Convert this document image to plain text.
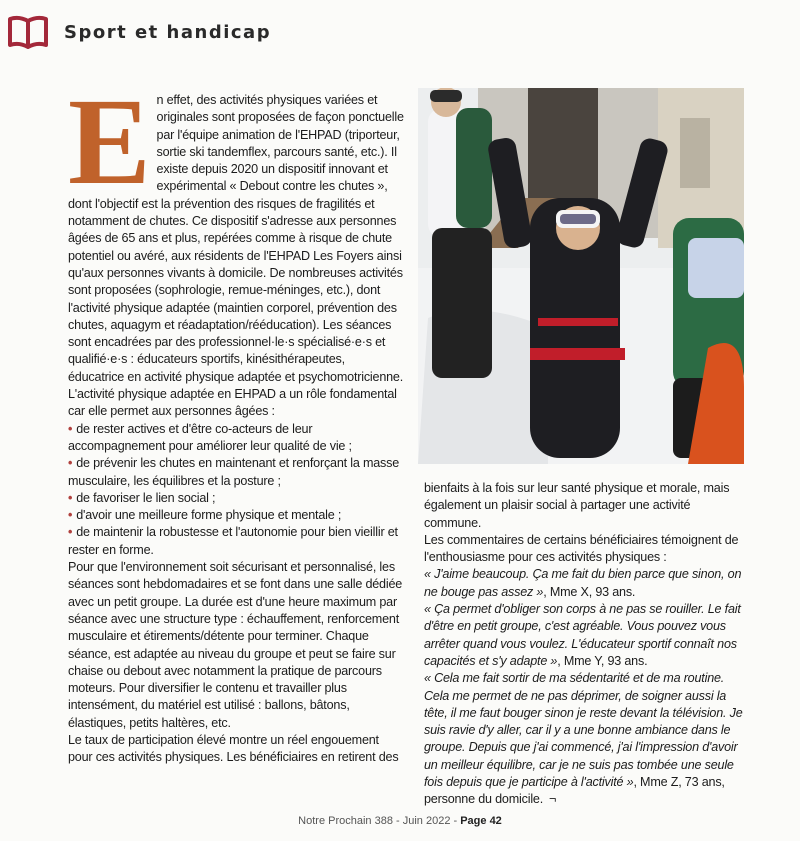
Sport et handicap
E n effet, des activités physiques variées et originales sont proposées de façon ponctuelle par l'équipe animation de l'EHPAD (triporteur, sortie ski tandemflex, parcours santé, etc.). Il existe depuis 2020 un dispositif innovant et expérimental « Debout contre les chutes », dont l'objectif est la prévention des risques de fragilités et notamment de chutes. Ce dispositif s'adresse aux personnes âgées de 65 ans et plus, repérées comme à risque de chute potentiel ou avéré, aux résidents de l'EHPAD Les Foyers ainsi qu'aux personnes vivants à domicile. De nombreuses activités sont proposées (sophrologie, remue-méninges, etc.), dont l'activité physique adaptée (maintien corporel, prévention des chutes, aquagym et réadaptation/rééducation). Les séances sont encadrées par des professionnel·le·s spécialisé·e·s et qualifié·e·s : éducateurs sportifs, kinésithérapeutes, éducatrice en activité physique adaptée et psychomotricienne.

L'activité physique adaptée en EHPAD a un rôle fondamental car elle permet aux personnes âgées :

• de rester actives et d'être co-acteurs de leur accompagnement pour améliorer leur qualité de vie ;
• de prévenir les chutes en maintenant et renforçant la masse musculaire, les équilibres et la posture ;
• de favoriser le lien social ;
• d'avoir une meilleure forme physique et mentale ;
• de maintenir la robustesse et l'autonomie pour bien vieillir et rester en forme.

Pour que l'environnement soit sécurisant et personnalisé, les séances sont hebdomadaires et se font dans une salle dédiée avec un petit groupe. La durée est d'une heure maximum par séance avec une structure type : échauffement, renforcement musculaire et étirements/détente pour terminer. Chaque séance, est adaptée au niveau du groupe et peut se faire sur chaise ou debout avec notamment la pratique de parcours moteurs. Pour diversifier le contenu et travailler plus intensément, du matériel est utilisé : ballons, bâtons, élastiques, petits haltères, etc.

Le taux de participation élevé montre un réel engouement pour ces activités physiques. Les bénéficiaires en retirent des

bienfaits à la fois sur leur santé physique et morale, mais également un plaisir social à partager une activité commune.

Les commentaires de certains bénéficiaires témoignent de l'enthousiasme pour ces activités physiques :

« J'aime beaucoup. Ça me fait du bien parce que sinon, on ne bouge pas assez », Mme X, 93 ans.

« Ça permet d'obliger son corps à ne pas se rouiller. Le fait d'être en petit groupe, c'est agréable. Vous pouvez vous arrêter quand vous voulez. L'éducateur sportif connaît nos capacités et s'y adapte », Mme Y, 93 ans.

« Cela me fait sortir de ma sédentarité et de ma routine. Cela me permet de ne pas déprimer, de soigner aussi la tête, il me faut bouger sinon je reste devant la télévision. Je suis ravie d'y aller, car il y a une bonne ambiance dans le groupe. Depuis que j'ai commencé, j'ai l'impression d'avoir un meilleur équilibre, car je ne suis pas tombée une seule fois depuis que je participe à l'activité », Mme Z, 73 ans, personne du domicile. ¬

Notre Prochain 388 - Juin 2022 - Page 42
